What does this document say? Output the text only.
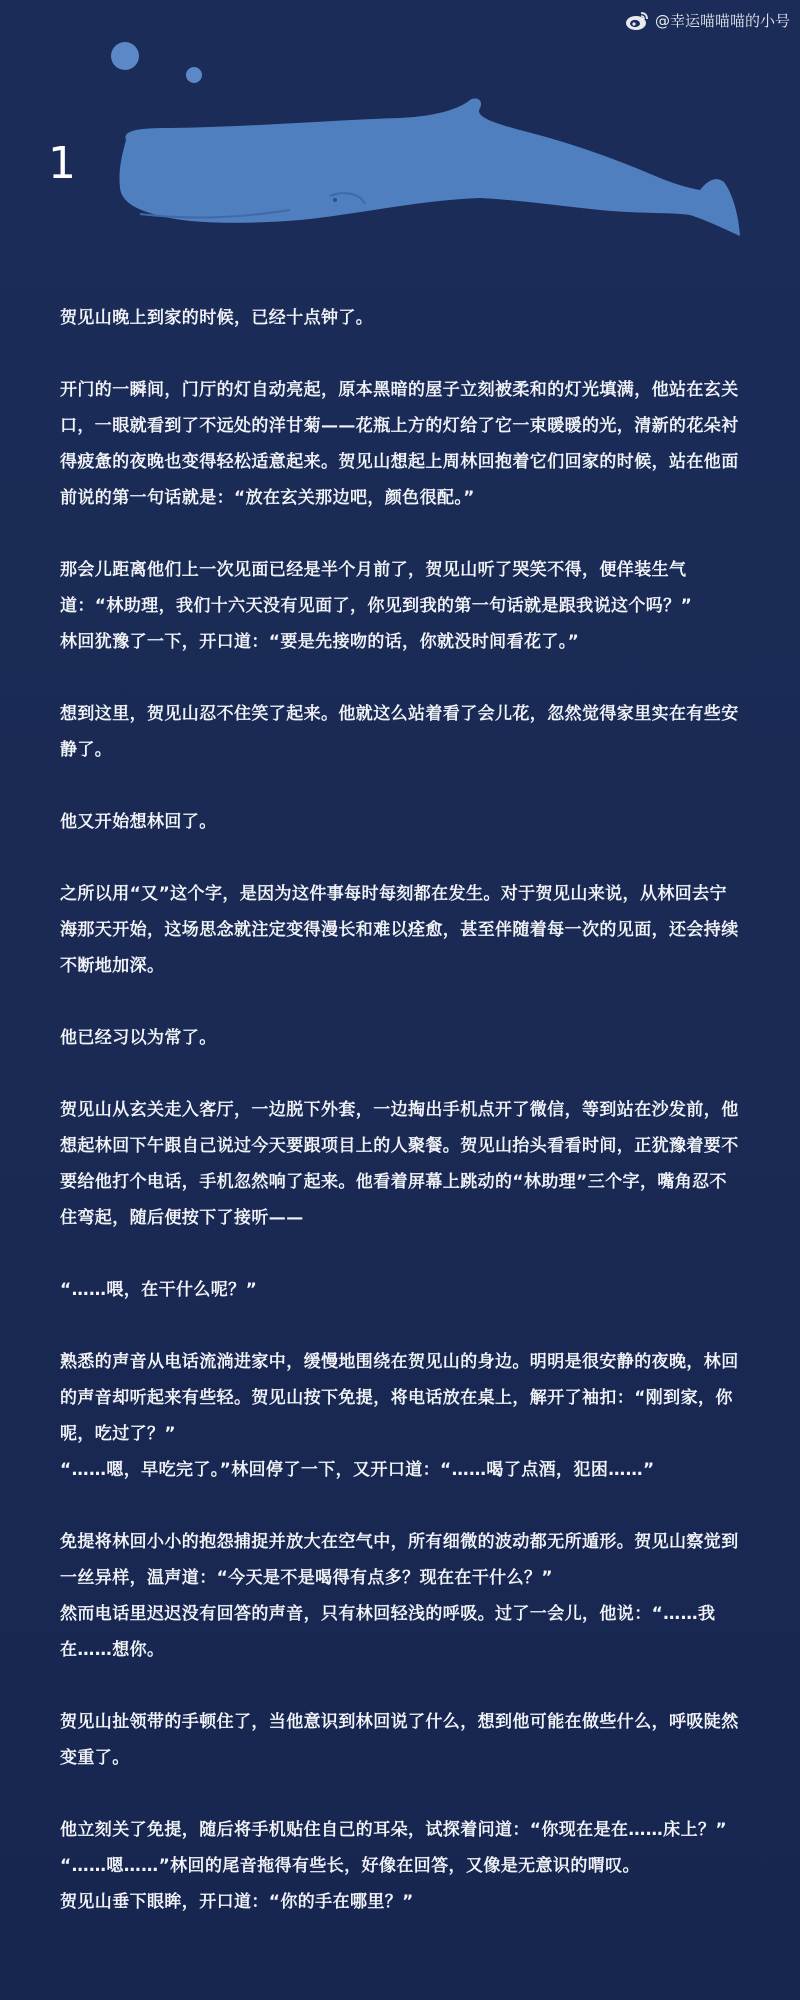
@幸运喵喵喵的小号
1

贺见山晚上到家的时候，已经十点钟了。

开门的一瞬间，门厅的灯自动亮起，原本黑暗的屋子立刻被柔和的灯光填满，他站在玄关口，一眼就看到了不远处的洋甘菊——花瓶上方的灯给了它一束暖暖的光，清新的花朵衬得疲惫的夜晚也变得轻松适意起来。贺见山想起上周林回抱着它们回家的时候，站在他面前说的第一句话就是：“放在玄关那边吧，颜色很配。”

那会儿距离他们上一次见面已经是半个月前了，贺见山听了哭笑不得，便佯装生气道：“林助理，我们十六天没有见面了，你见到我的第一句话就是跟我说这个吗？”
林回犹豫了一下，开口道：“要是先接吻的话，你就没时间看花了。”

想到这里，贺见山忍不住笑了起来。他就这么站着看了会儿花，忽然觉得家里实在有些安静了。

他又开始想林回了。

之所以用“又”这个字，是因为这件事每时每刻都在发生。对于贺见山来说，从林回去宁海那天开始，这场思念就注定变得漫长和难以痊愈，甚至伴随着每一次的见面，还会持续不断地加深。

他已经习以为常了。

贺见山从玄关走入客厅，一边脱下外套，一边掏出手机点开了微信，等到站在沙发前，他想起林回下午跟自己说过今天要跟项目上的人聚餐。贺见山抬头看看时间，正犹豫着要不要给他打个电话，手机忽然响了起来。他看着屏幕上跳动的“林助理”三个字，嘴角忍不住弯起，随后便按下了接听——

“……喂，在干什么呢？”

熟悉的声音从电话流淌进家中，缓慢地围绕在贺见山的身边。明明是很安静的夜晚，林回的声音却听起来有些轻。贺见山按下免提，将电话放在桌上，解开了袖扣：“刚到家，你呢，吃过了？”
“……嗯，早吃完了。”林回停了一下，又开口道：“……喝了点酒，犯困……”

免提将林回小小的抱怨捕捉并放大在空气中，所有细微的波动都无所遁形。贺见山察觉到一丝异样，温声道：“今天是不是喝得有点多？现在在干什么？”
然而电话里迟迟没有回答的声音，只有林回轻浅的呼吸。过了一会儿，他说：“……我在……想你。

贺见山扯领带的手顿住了，当他意识到林回说了什么，想到他可能在做些什么，呼吸陡然变重了。

他立刻关了免提，随后将手机贴住自己的耳朵，试探着问道：“你现在是在……床上？”
“……嗯……”林回的尾音拖得有些长，好像在回答，又像是无意识的喟叹。
贺见山垂下眼眸，开口道：“你的手在哪里？”
